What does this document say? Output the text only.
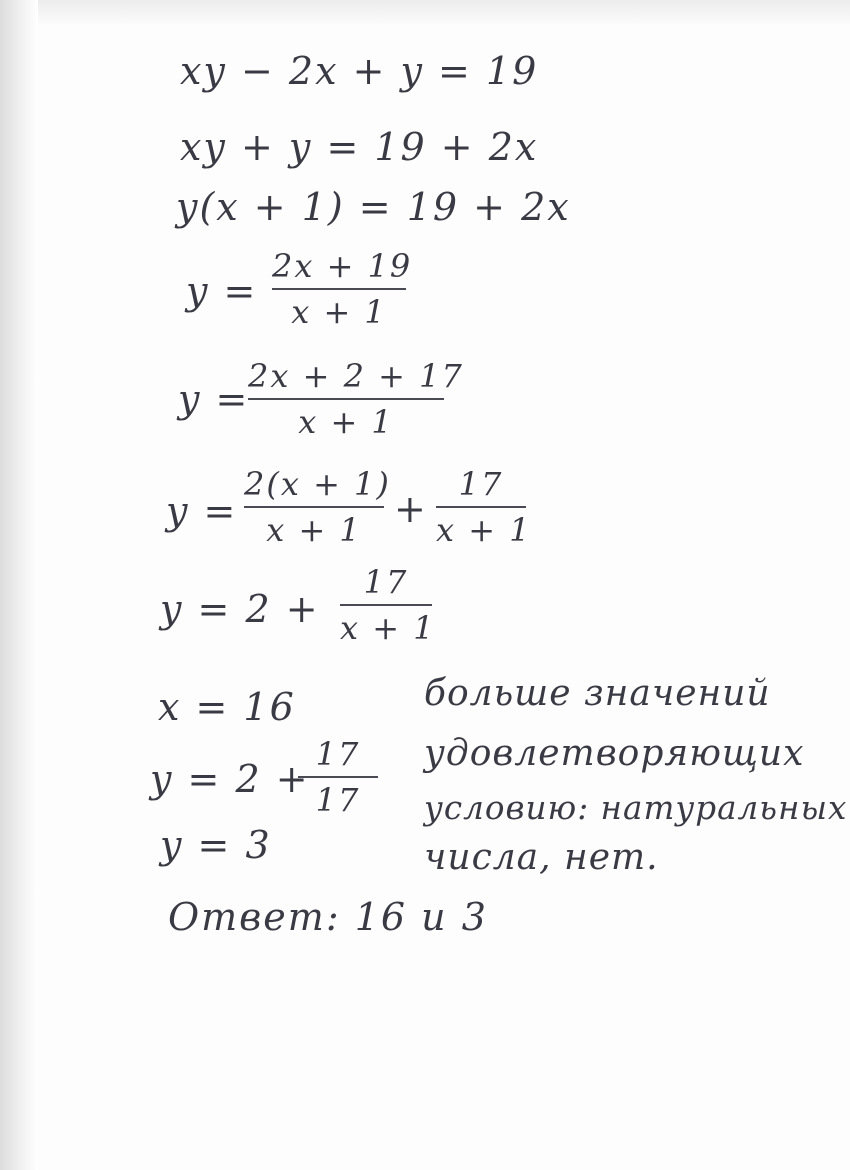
xy − 2x + y = 19
xy + y = 19 + 2x
y(x + 1) = 19 + 2x
y =
2x + 19
x + 1
y =
2x + 2 + 17
x + 1
y =
2(x + 1)
x + 1 +
17
x + 1
y = 2 +
17
x + 1
x = 16
y = 2 +
17
17
y = 3
Ответ: 16 и 3
больше значений
удовлетворяющих
условию: натуральных
числа, нет.
